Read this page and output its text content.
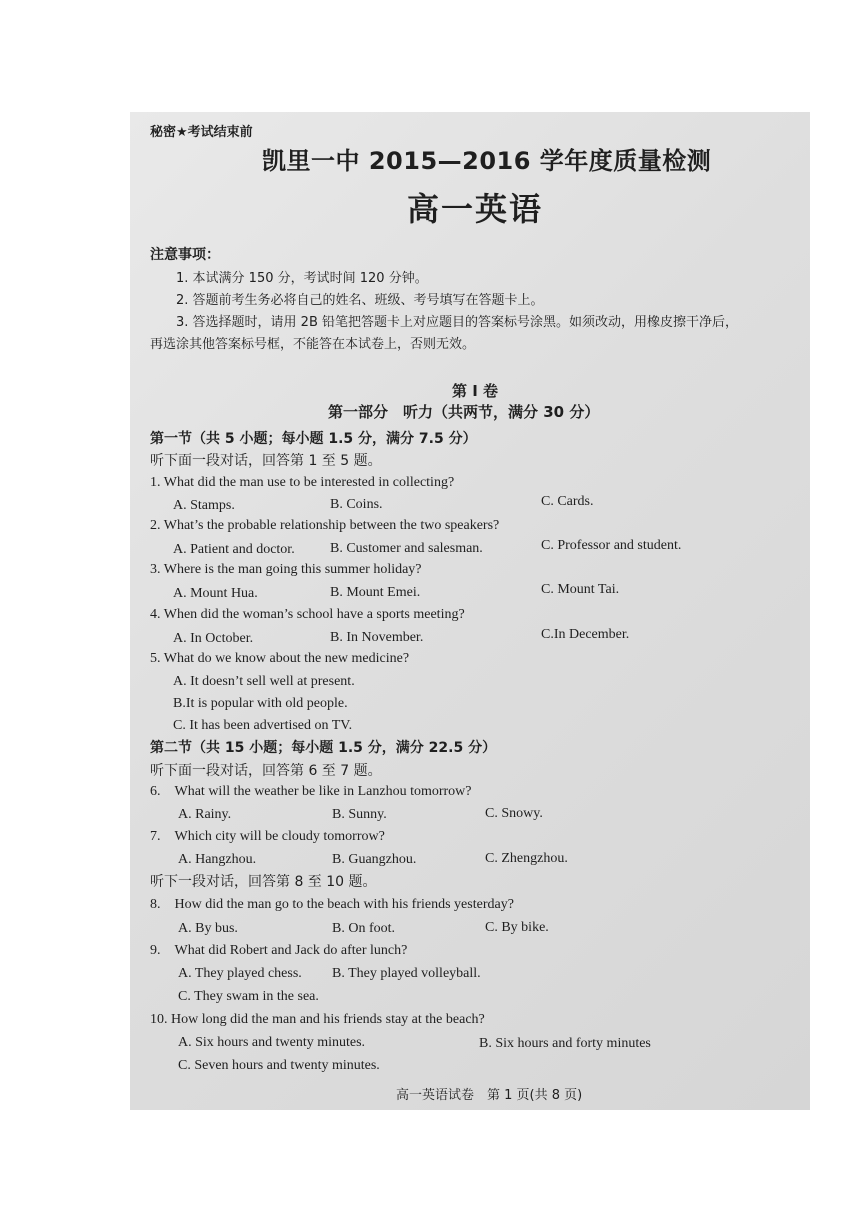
秘密★考试结束前
凯里一中 2015—2016 学年度质量检测
高一英语
注意事项：
1. 本试满分 150 分，考试时间 120 分钟。
2. 答题前考生务必将自己的姓名、班级、考号填写在答题卡上。
3. 答选择题时，请用 2B 铅笔把答题卡上对应题目的答案标号涂黑。如须改动，用橡皮擦干净后，
再选涂其他答案标号框，不能答在本试卷上，否则无效。
第 I 卷
第一部分　听力（共两节，满分 30 分）
第一节（共 5 小题；每小题 1.5 分，满分 7.5 分）
听下面一段对话，回答第 1 至 5 题。
1. What did the man use to be interested in collecting?
A. Stamps.	B. Coins.	C. Cards.
2. What’s the probable relationship between the two speakers?
A. Patient and doctor.	B. Customer and salesman.	C. Professor and student.
3. Where is the man going this summer holiday?
A. Mount Hua.	B. Mount Emei.	C. Mount Tai.
4. When did the woman’s school have a sports meeting?
A. In October.	B. In November.	C.In December.
5. What do we know about the new medicine?
A. It doesn’t sell well at present.
B.It is popular with old people.
C. It has been advertised on TV.
第二节（共 15 小题；每小题 1.5 分，满分 22.5 分）
听下面一段对话，回答第 6 至 7 题。
6.　What will the weather be like in Lanzhou tomorrow?
A. Rainy.	B. Sunny.	C. Snowy.
7.　Which city will be cloudy tomorrow?
A. Hangzhou.	B. Guangzhou.	C. Zhengzhou.
听下一段对话，回答第 8 至 10 题。
8.　How did the man go to the beach with his friends yesterday?
A. By bus.	B. On foot.	C. By bike.
9.　What did Robert and Jack do after lunch?
A. They played chess. B. They played volleyball.
C. They swam in the sea.
10. How long did the man and his friends stay at the beach?
A. Six hours and twenty minutes.	B. Six hours and forty minutes
C. Seven hours and twenty minutes.
高一英语试卷　第 1 页(共 8 页)
